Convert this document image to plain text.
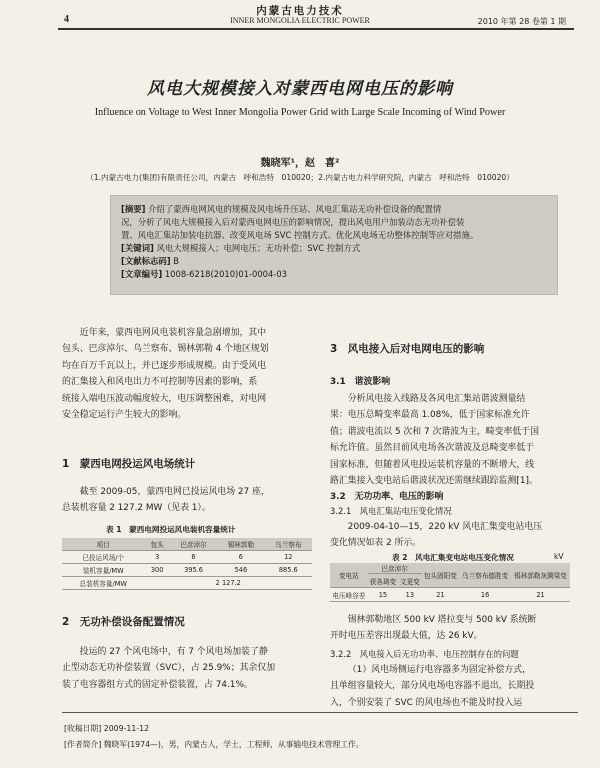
内蒙古电力技术
4	INNER MONGOLIA ELECTRIC POWER	2010 年第 28 卷第 1 期
风电大规模接入对蒙西电网电压的影响
Influence on Voltage to West Inner Mongolia Power Grid with Large Scale Incoming of Wind Power
魏晓军¹，赵　喜²
（1.内蒙古电力(集团)有限责任公司，内蒙古　呼和浩特　010020；2.内蒙古电力科学研究院，内蒙古　呼和浩特　010020）

[摘要] 介绍了蒙西电网风电的规模及风电场升压站、风电汇集站无功补偿设备的配置情

况，分析了风电大规模接入后对蒙西电网电压的影响情况，提出风电用户加装动态无功补偿装

置、风电汇集站加装电抗器、改变风电场 SVC 控制方式、优化风电场无功整体控制等应对措施。

[关键词] 风电大规模接入；电网电压；无功补偿；SVC 控制方式

[文献标志码] B

[文章编号] 1008-6218(2010)01-0004-03

近年来，蒙西电网风电装机容量急剧增加，其中

包头、巴彦淖尔、乌兰察布、锡林郭勒 4 个地区规划

均在百万千瓦以上，并已逐步形成规模。由于受风电

的汇集接入和风电出力不可控制等因素的影响，系

统接入端电压波动幅度较大，电压调整困难，对电网

安全稳定运行产生较大的影响。

1　蒙西电网投运风电场统计

截至 2009-05，蒙西电网已投运风电场 27 座，

总装机容量 2 127.2 MW（见表 1）。

表 1　蒙西电网投运风电装机容量统计
项目	包头	巴彦淖尔	锡林郭勒	乌兰察布
已投运风场/个	3	6	6	12
装机容量/MW	300	395.6	546	885.6
总装机容量/MW	2 127.2			
2　无功补偿设备配置情况

投运的 27 个风电场中，有 7 个风电场加装了静

止型动态无功补偿装置（SVC），占 25.9%；其余仅加

装了电容器组方式的固定补偿装置，占 74.1%。

3　风电接入后对电网电压的影响
3.1　谐波影响

分析风电接入线路及各风电汇集站谐波测量结

果：电压总畸变率最高 1.08%，低于国家标准允许

值；谐波电流以 5 次和 7 次谐波为主，畸变率低于国

标允许值。虽然目前风电场各次谐波及总畸变率低于

国家标准，但随着风电投运装机容量的不断增大，线

路汇集接入变电站后谐波状况还需继续跟踪监测[1]。

3.2　无功功率、电压的影响
3.2.1　风电汇集站电压变化情况

2009-04-10—15，220 kV 风电汇集变电站电压

变化情况如表 2 所示。

表 2　风电汇集变电站电压变化情况	kV
变电站	巴彦淖尔		包头固阳变	乌兰察布德胜变	锡林郭勒灰腾梁变
	获各琦变	文更变			
电压峰谷差	15	13	21	16	21

锡林郭勒地区 500 kV 塔拉变与 500 kV 系统断

开时电压差容出现最大值，达 26 kV。

3.2.2　风电接入后无功功率、电压控制存在的问题

（1）风电场侧运行电容器多为固定补偿方式，

且单组容量较大，部分风电场电容器不退出，长期投

入，个别安装了 SVC 的风电场也不能及时投入运

[收稿日期] 2009-11-12
[作者简介] 魏晓军(1974—)，男，内蒙古人，学士，工程师，从事输电技术管理工作。
